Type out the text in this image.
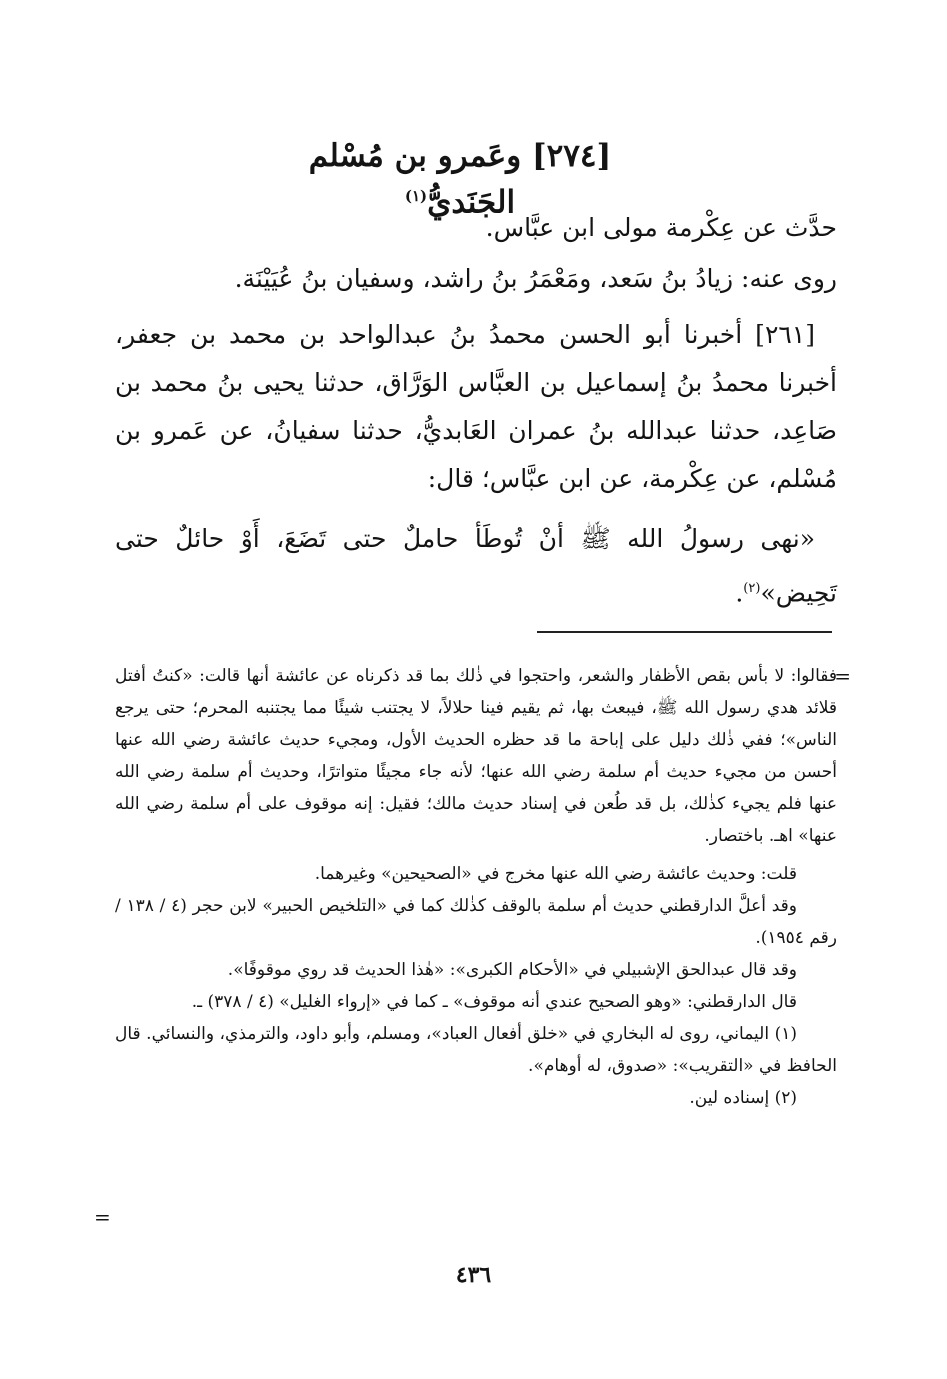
[٢٧٤] وعَمرو بن مُسْلم الجَنَديُّ$^{(١)}$

حدَّث عن عِكْرمة مولى ابن عبَّاس.

روى عنه: زيادُ بنُ سَعد، ومَعْمَرُ بنُ راشد، وسفيان بنُ عُيَيْنَة.

[٢٦١] أخبرنا أبو الحسن محمدُ بنُ عبدالواحد بن محمد بن جعفر، أخبرنا محمدُ بنُ إسماعيل بن العبَّاس الوَرَّاق، حدثنا يحيى بنُ محمد بن صَاعِد، حدثنا عبدالله بنُ عمران العَابديُّ، حدثنا سفيانُ، عن عَمرو بن مُسْلم، عن عِكْرمة، عن ابن عبَّاس؛ قال:

«نهى رسولُ الله ﷺ أنْ تُوطَأ حاملٌ حتى تَضَعَ، أَوْ حائلٌ حتى تَحِيض»$^{(٢)}$.

=

فقالوا: لا بأس بقص الأظفار والشعر، واحتجوا في ذٰلك بما قد ذكرناه عن عائشة أنها قالت: «كنتُ أفتل قلائد هدي رسول الله ﷺ، فيبعث بها، ثم يقيم فينا حلالاً، لا يجتنب شيئًا مما يجتنبه المحرم؛ حتى يرجع الناس»؛ ففي ذٰلك دليل على إباحة ما قد حظره الحديث الأول، ومجيء حديث عائشة رضي الله عنها أحسن من مجيء حديث أم سلمة رضي الله عنها؛ لأنه جاء مجيئًا متواترًا، وحديث أم سلمة رضي الله عنها فلم يجيء كذٰلك، بل قد طُعن في إسناد حديث مالك؛ فقيل: إنه موقوف على أم سلمة رضي الله عنها» اهـ. باختصار.

قلت: وحديث عائشة رضي الله عنها مخرج في «الصحيحين» وغيرهما.

وقد أعلَّ الدارقطني حديث أم سلمة بالوقف كذٰلك كما في «التلخيص الحبير» لابن حجر (٤ / ١٣٨ / رقم ١٩٥٤).

وقد قال عبدالحق الإشبيلي في «الأحكام الكبرى»: «هٰذا الحديث قد روي موقوفًا».

قال الدارقطني: «وهو الصحيح عندي أنه موقوف» ـ كما في «إرواء الغليل» (٤ / ٣٧٨) ـ.

(١) اليماني، روى له البخاري في «خلق أفعال العباد»، ومسلم، وأبو داود، والترمذي، والنسائي. قال الحافظ في «التقريب»: «صدوق، له أوهام».

(٢) إسناده لين.

=
٤٣٦
